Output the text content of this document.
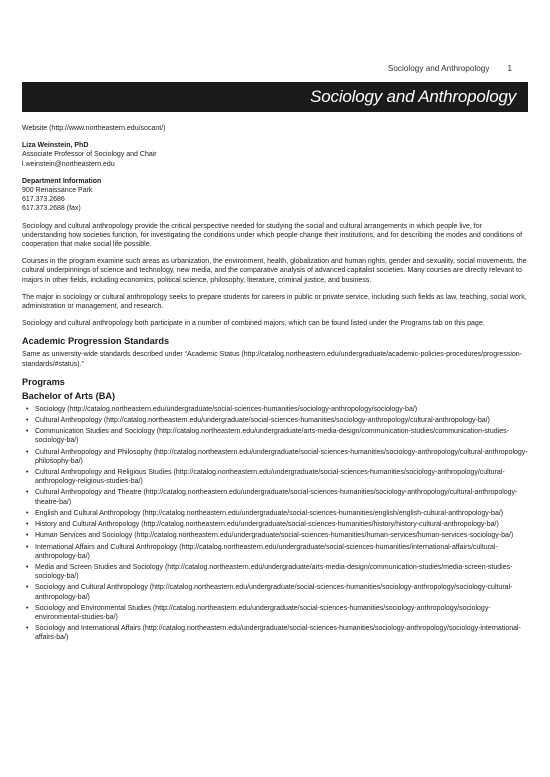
Sociology and Anthropology 1
Sociology and Anthropology

Website (http://www.northeastern.edu/socant/)

Liza Weinstein, PhD
Associate Professor of Sociology and Chair
l.weinstein@northeastern.edu
Department Information
900 Renaissance Park
617.373.2686
617.373.2688 (fax)

Sociology and cultural anthropology provide the critical perspective needed for studying the social and cultural arrangements in which people live, for understanding how societies function, for investigating the conditions under which people change their institutions, and for describing the modes and conditions of cooperation that make social life possible.

Courses in the program examine such areas as urbanization, the environment, health, globalization and human rights, gender and sexuality, social movements, the cultural underpinnings of science and technology, new media, and the comparative analysis of advanced capitalist societies. Many courses are directly relevant to majors in other fields, including economics, political science, philosophy, literature, criminal justice, and business.

The major in sociology or cultural anthropology seeks to prepare students for careers in public or private service, including such fields as law, teaching, social work, administration or management, and research.

Sociology and cultural anthropology both participate in a number of combined majors, which can be found listed under the Programs tab on this page.

Academic Progression Standards

Same as university-wide standards described under “Academic Status (http://catalog.northeastern.edu/undergraduate/academic-policies-procedures/progression-standards/#status).”

Programs
Bachelor of Arts (BA)
• Sociology (http://catalog.northeastern.edu/undergraduate/social-sciences-humanities/sociology-anthropology/sociology-ba/)
• Cultural Anthropology (http://catalog.northeastern.edu/undergraduate/social-sciences-humanities/sociology-anthropology/cultural-anthropology-ba/)
• Communication Studies and Sociology (http://catalog.northeastern.edu/undergraduate/arts-media-design/communication-studies/communication-studies-sociology-ba/)
• Cultural Anthropology and Philosophy (http://catalog.northeastern.edu/undergraduate/social-sciences-humanities/sociology-anthropology/cultural-anthropology-philosophy-ba/)
• Cultural Anthropology and Religious Studies (http://catalog.northeastern.edu/undergraduate/social-sciences-humanities/sociology-anthropology/cultural-anthropology-religious-studies-ba/)
• Cultural Anthropology and Theatre (http://catalog.northeastern.edu/undergraduate/social-sciences-humanities/sociology-anthropology/cultural-anthropology-theatre-ba/)
• English and Cultural Anthropology (http://catalog.northeastern.edu/undergraduate/social-sciences-humanities/english/english-cultural-anthropology-ba/)
• History and Cultural Anthropology (http://catalog.northeastern.edu/undergraduate/social-sciences-humanities/history/history-cultural-anthropology-ba/)
• Human Services and Sociology (http://catalog.northeastern.edu/undergraduate/social-sciences-humanities/human-services/human-services-sociology-ba/)
• International Affairs and Cultural Anthropology (http://catalog.northeastern.edu/undergraduate/social-sciences-humanities/international-affairs/cultural-anthropology-ba/)
• Media and Screen Studies and Sociology (http://catalog.northeastern.edu/undergraduate/arts-media-design/communication-studies/media-screen-studies-sociology-ba/)
• Sociology and Cultural Anthropology (http://catalog.northeastern.edu/undergraduate/social-sciences-humanities/sociology-anthropology/sociology-cultural-anthropology-ba/)
• Sociology and Environmental Studies (http://catalog.northeastern.edu/undergraduate/social-sciences-humanities/sociology-anthropology/sociology-environmental-studies-ba/)
• Sociology and International Affairs (http://catalog.northeastern.edu/undergraduate/social-sciences-humanities/sociology-anthropology/sociology-international-affairs-ba/)
